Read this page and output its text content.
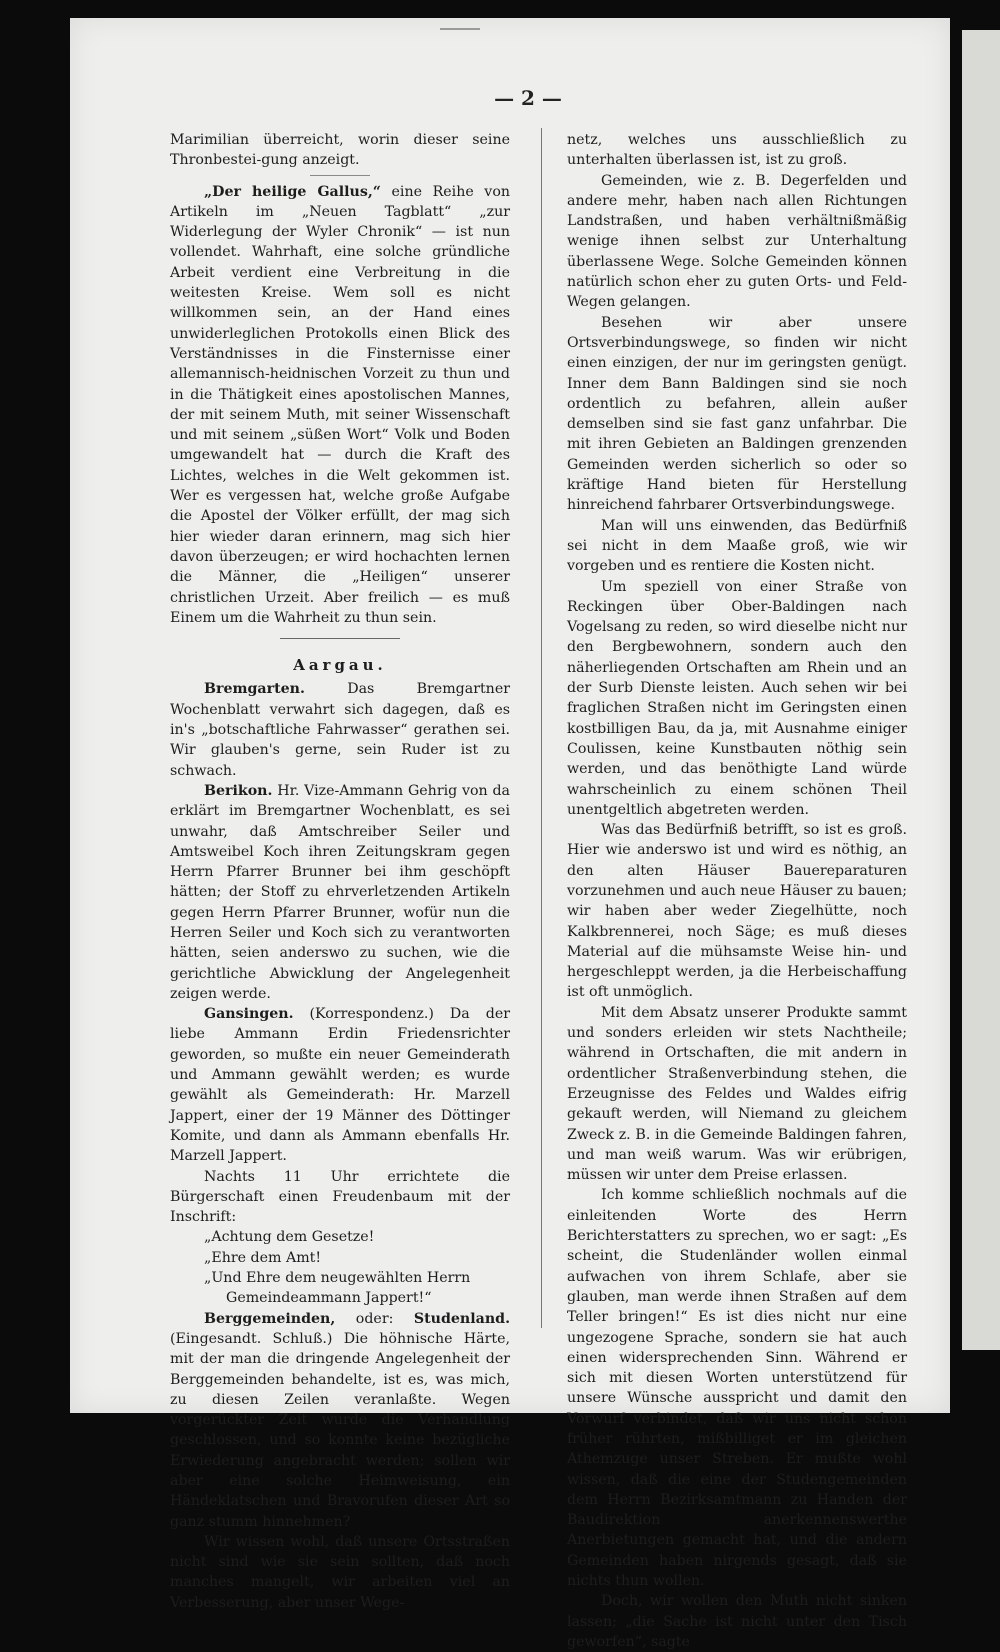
— 2 —

Marimilian überreicht, worin dieser seine Thronbestei-gung anzeigt.

„Der heilige Gallus,“ eine Reihe von Artikeln im „Neuen Tagblatt“ „zur Widerlegung der Wyler Chronik“ — ist nun vollendet. Wahrhaft, eine solche gründliche Arbeit verdient eine Verbreitung in die weitesten Kreise. Wem soll es nicht willkommen sein, an der Hand eines unwiderleglichen Protokolls einen Blick des Verständnisses in die Finsternisse einer allemannisch-heidnischen Vorzeit zu thun und in die Thätigkeit eines apostolischen Mannes, der mit seinem Muth, mit seiner Wissenschaft und mit seinem „süßen Wort“ Volk und Boden umgewandelt hat — durch die Kraft des Lichtes, welches in die Welt gekommen ist. Wer es vergessen hat, welche große Aufgabe die Apostel der Völker erfüllt, der mag sich hier wieder daran erinnern, mag sich hier davon überzeugen; er wird hochachten lernen die Männer, die „Heiligen“ unserer christlichen Urzeit. Aber freilich — es muß Einem um die Wahrheit zu thun sein.

Aargau.

Bremgarten.	Das Bremgartner Wochenblatt verwahrt sich dagegen, daß es in's „botschaftliche Fahrwasser“ gerathen sei. Wir glauben's gerne, sein Ruder ist zu schwach.

Berikon. Hr. Vize-Ammann Gehrig von da erklärt im Bremgartner Wochenblatt, es sei unwahr, daß Amtschreiber Seiler und Amtsweibel Koch ihren Zeitungskram gegen Herrn Pfarrer Brunner bei ihm geschöpft hätten; der Stoff zu ehrverletzenden Artikeln gegen Herrn Pfarrer Brunner, wofür nun die Herren Seiler und Koch sich zu verantworten hätten, seien anderswo zu suchen, wie die gerichtliche Abwicklung der Angelegenheit zeigen werde.

Gansingen. (Korrespondenz.) Da der liebe Ammann Erdin Friedensrichter geworden, so mußte ein neuer Gemeinderath und Ammann gewählt werden; es wurde gewählt als Gemeinderath: Hr. Marzell Jappert, einer der 19 Männer des Döttinger Komite, und dann als Ammann ebenfalls Hr. Marzell Jappert.

Nachts 11 Uhr errichtete die Bürgerschaft einen Freudenbaum mit der Inschrift:

„Achtung dem Gesetze!

„Ehre dem Amt!

„Und Ehre dem neugewählten Herrn

Gemeindeammann Jappert!“

Berggemeinden, oder: Studenland. (Eingesandt. Schluß.) Die höhnische Härte, mit der man die dringende Angelegenheit der Berggemeinden behandelte, ist es, was mich, zu diesen Zeilen veranlaßte. Wegen vorgerückter Zeit wurde die Verhandlung geschlossen, und so konnte keine bezügliche Erwiederung angebracht werden; sollen wir aber eine solche Heimweisung, ein Händeklatschen und Bravorufen dieser Art so ganz stumm hinnehmen?

Wir wissen wohl, daß unsere Ortsstraßen nicht sind wie sie sein sollten, daß noch manches mangelt, wir arbeiten viel an Verbesserung, aber unser Wege-

netz, welches uns ausschließlich zu unterhalten überlassen ist, ist zu groß.

Gemeinden, wie z. B. Degerfelden und andere mehr, haben nach allen Richtungen Landstraßen, und haben verhältnißmäßig wenige ihnen selbst zur Unterhaltung überlassene Wege. Solche Gemeinden können natürlich schon eher zu guten Orts- und Feld-Wegen gelangen.

Besehen wir aber unsere Ortsverbindungswege, so finden wir nicht einen einzigen, der nur im geringsten genügt. Inner dem Bann Baldingen sind sie noch ordentlich zu befahren, allein außer demselben sind sie fast ganz unfahrbar. Die mit ihren Gebieten an Baldingen grenzenden Gemeinden werden sicherlich so oder so kräftige Hand bieten für Herstellung hinreichend fahrbarer Ortsverbindungswege.

Man will uns einwenden, das Bedürfniß sei nicht in dem Maaße groß, wie wir vorgeben und es rentiere die Kosten nicht.

Um speziell von einer Straße von Reckingen über Ober-Baldingen nach Vogelsang zu reden, so wird dieselbe nicht nur den Bergbewohnern, sondern auch den näherliegenden Ortschaften am Rhein und an der Surb Dienste leisten. Auch sehen wir bei fraglichen Straßen nicht im Geringsten einen kostbilligen Bau, da ja, mit Ausnahme einiger Coulissen, keine Kunstbauten nöthig sein werden, und das benöthigte Land würde wahrscheinlich zu einem schönen Theil unentgeltlich abgetreten werden.

Was das Bedürfniß betrifft, so ist es groß. Hier wie anderswo ist und wird es nöthig, an den alten Häuser Bauereparaturen vorzunehmen und auch neue Häuser zu bauen; wir haben aber weder Ziegelhütte, noch Kalkbrennerei, noch Säge; es muß dieses Material auf die mühsamste Weise hin- und hergeschleppt werden, ja die Herbeischaffung ist oft unmöglich.

Mit dem Absatz unserer Produkte sammt und sonders erleiden wir stets Nachtheile; während in Ortschaften, die mit andern in ordentlicher Straßenverbindung stehen, die Erzeugnisse des Feldes und Waldes eifrig gekauft werden, will Niemand zu gleichem Zweck z. B. in die Gemeinde Baldingen fahren, und man weiß warum. Was wir erübrigen, müssen wir unter dem Preise erlassen.

Ich komme schließlich nochmals auf die einleitenden Worte des Herrn Berichterstatters zu sprechen, wo er sagt: „Es scheint, die Studenländer wollen einmal aufwachen von ihrem Schlafe, aber sie glauben, man werde ihnen Straßen auf dem Teller bringen!“ Es ist dies nicht nur eine ungezogene Sprache, sondern sie hat auch einen widersprechenden Sinn. Während er sich mit diesen Worten unterstützend für unsere Wünsche ausspricht und damit den Vorwurf verbindet, daß wir uns nicht schon früher rührten, mißbilliget er im gleichen Athemzuge unser Streben. Er mußte wohl wissen, daß die eine der Studengemeinden dem Herrn Bezirksamtmann zu Handen der Baudirektion anerkennenswerthe Anerbietungen gemacht hat, und die andern Gemeinden haben nirgends gesagt, daß sie nichts thun wollen.

Doch, wir wollen den Muth nicht sinken lassen; „die Sache ist nicht unter den Tisch geworfen“, sagte
